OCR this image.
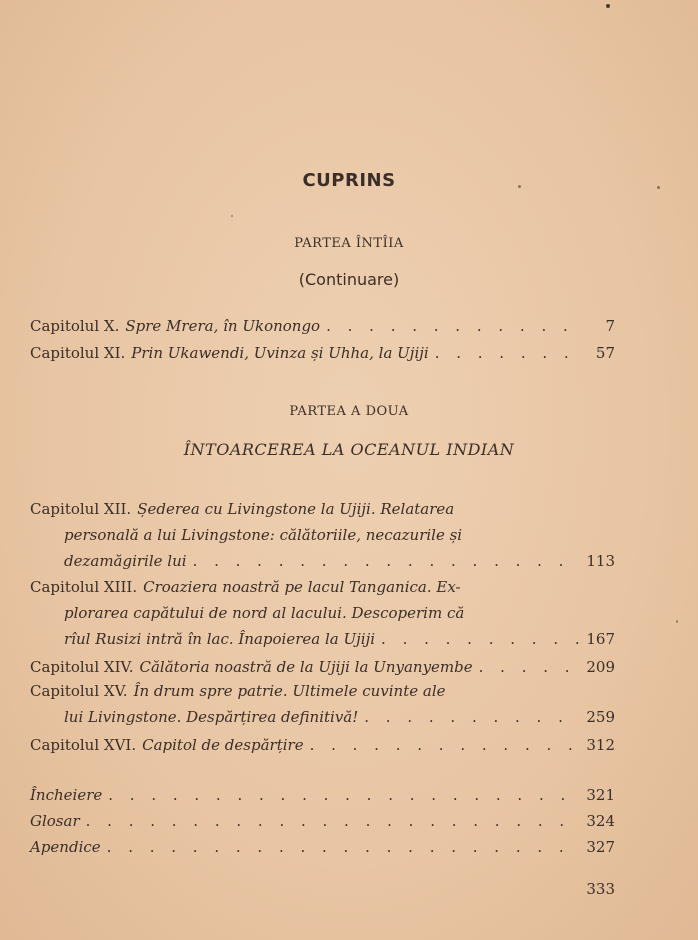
CUPRINS
PARTEA ÎNTÎIA
(Continuare)
Capitolul X. Spre Mrera, în Ukonongo . . .	7
Capitolul XI. Prin Ukawendi, Uvinza și Uhha, la Ujiji . . .	57
PARTEA A DOUA
ÎNTOARCEREA LA OCEANUL INDIAN
Capitolul XII. Șederea cu Livingstone la Ujiji. Relatarea
personală a lui Livingstone: călătoriile, necazurile și
dezamăgirile lui . . .	113
Capitolul XIII. Croaziera noastră pe lacul Tanganica. Ex-
plorarea capătului de nord al lacului. Descoperim că
rîul Rusizi intră în lac. Înapoierea la Ujiji . . .	167
Capitolul XIV. Călătoria noastră de la Ujiji la Unyanyembe . . .	209
Capitolul XV. În drum spre patrie. Ultimele cuvinte ale
lui Livingstone. Despărțirea definitivă! . . .	259
Capitolul XVI. Capitol de despărțire . . .	312
Încheiere . . .	321
Glosar . . .	324
Apendice . . .	327
333
